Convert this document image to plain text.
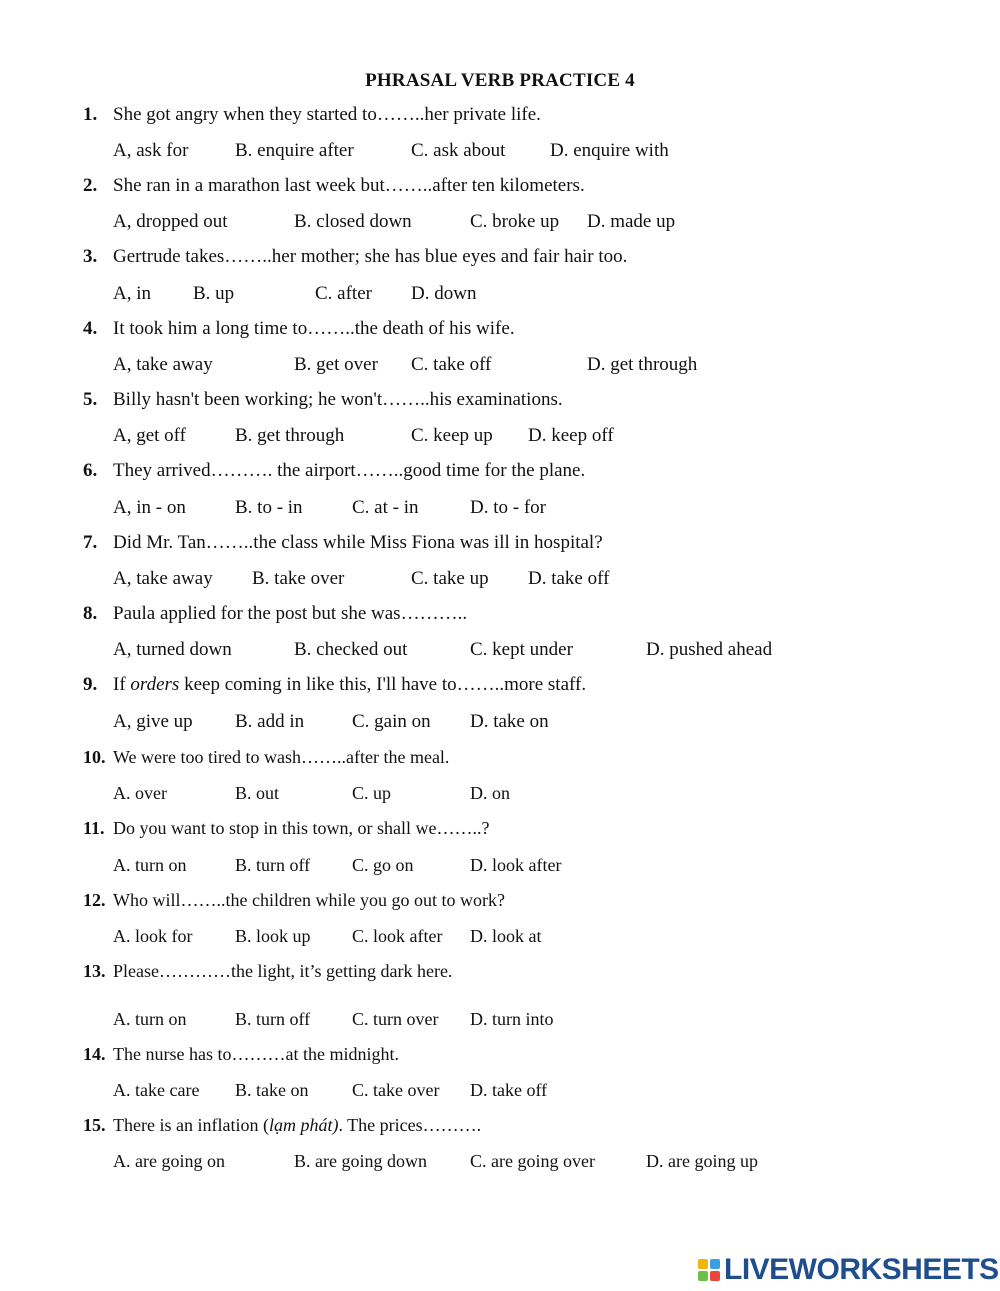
PHRASAL VERB PRACTICE 4
1. She got angry when they started to……..her private life.
A, ask for B. enquire after	C. ask about D. enquire with
2. She ran in a marathon last week but……..after ten kilometers.
A, dropped out	B. closed down	C. broke up D. made up
3. Gertrude takes……..her mother; she has blue eyes and fair hair too.
A, in B. up	C. after D. down
4. It took him a long time to……..the death of his wife.
A, take away	B. get over C. take off	D. get through
5. Billy hasn't been working; he won't……..his examinations.
A, get off	B. get through	C. keep up D. keep off
6. They arrived………. the airport……..good time for the plane.
A, in - on	B. to - in	C. at - in	D. to - for
7. Did Mr. Tan……..the class while Miss Fiona was ill in hospital?
A, take away B. take over	C. take up D. take off
8. Paula applied for the post but she was………..
A, turned down	B. checked out	C. kept under	D. pushed ahead
9. If orders keep coming in like this, I'll have to……..more staff.
A, give up B. add in	C. gain on D. take on
10. We were too tired to wash……..after the meal.
A. over	B. out	C. up	D. on
11. Do you want to stop in this town, or shall we……..?
A. turn on	B. turn off C. go on	D. look after
12. Who will……..the children while you go out to work?
A. look for B. look up C. look after D. look at
13. Please…………the light, it’s getting dark here.
A. turn on	B. turn off C. turn over D. turn into
14. The nurse has to………at the midnight.
A. take care B. take on C. take over D. take off
15. There is an inflation (lạm phát). The prices……….
A. are going on	B. are going down C. are going over	D. are going up
LIVEWORKSHEETS
